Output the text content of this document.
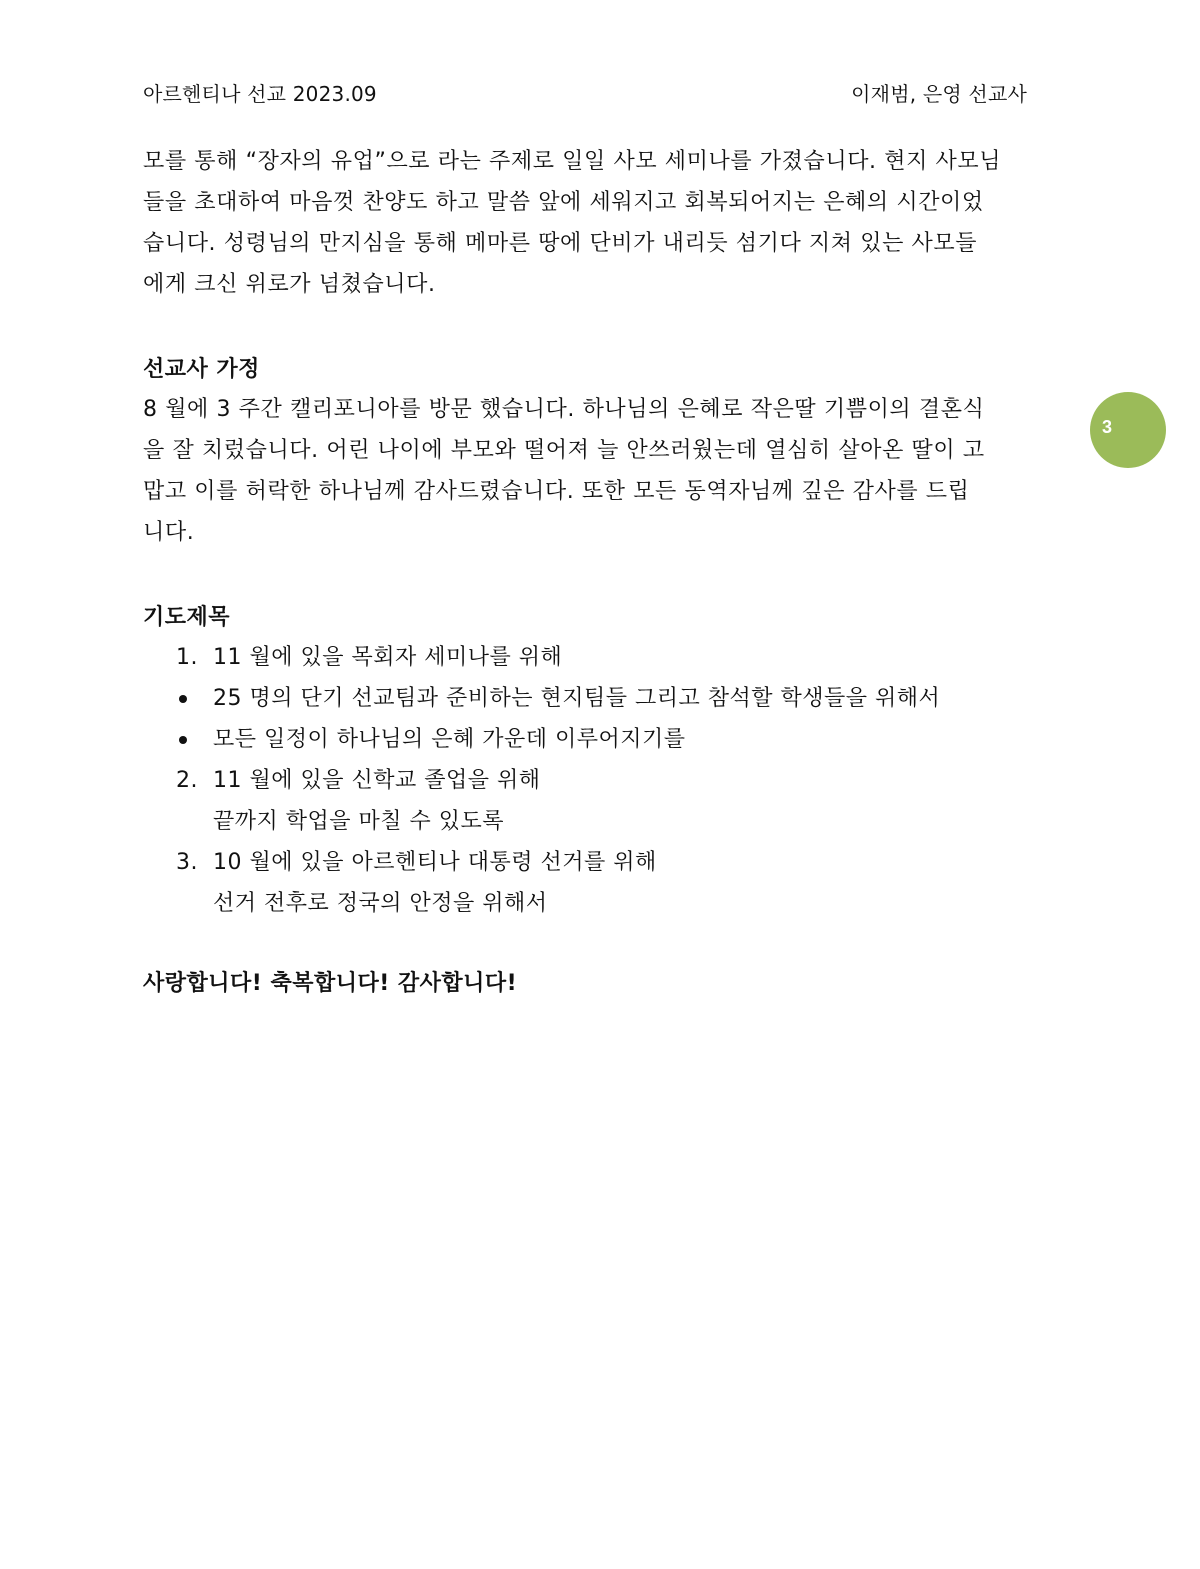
아르헨티나 선교 2023.09	이재범, 은영 선교사
3

모를 통해 “장자의 유업”으로 라는 주제로 일일 사모 세미나를 가졌습니다. 현지 사모님
들을 초대하여 마음껏 찬양도 하고 말씀 앞에 세워지고 회복되어지는 은혜의 시간이었
습니다. 성령님의 만지심을 통해 메마른 땅에 단비가 내리듯 섬기다 지쳐 있는 사모들
에게 크신 위로가 넘쳤습니다.

선교사 가정

8 월에 3 주간 캘리포니아를 방문 했습니다. 하나님의 은혜로 작은딸 기쁨이의 결혼식
을 잘 치렀습니다. 어린 나이에 부모와 떨어져 늘 안쓰러웠는데 열심히 살아온 딸이 고
맙고 이를 허락한 하나님께 감사드렸습니다. 또한 모든 동역자님께 깊은 감사를 드립
니다.

기도제목
1. 11 월에 있을 목회자 세미나를 위해
25 명의 단기 선교팀과 준비하는 현지팀들 그리고 참석할 학생들을 위해서
모든 일정이 하나님의 은혜 가운데 이루어지기를
2. 11 월에 있을 신학교 졸업을 위해
끝까지 학업을 마칠 수 있도록
3. 10 월에 있을 아르헨티나 대통령 선거를 위해
선거 전후로 정국의 안정을 위해서

사랑합니다! 축복합니다! 감사합니다!
